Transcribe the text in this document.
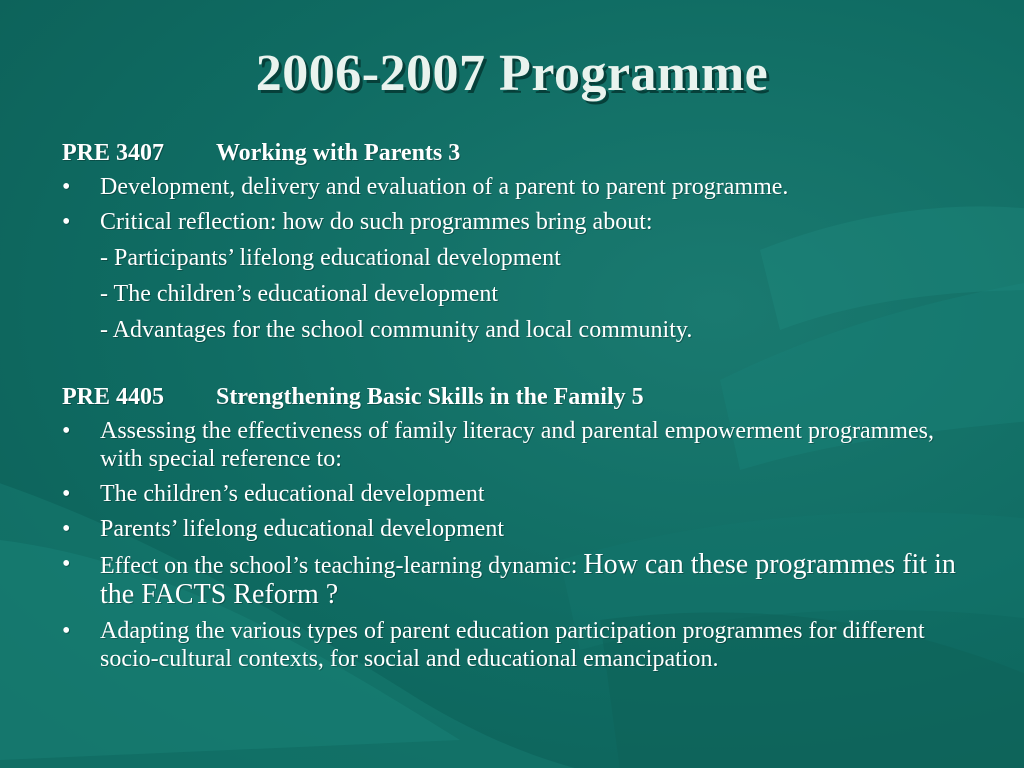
2006-2007 Programme
PRE 3407 Working with Parents 3
•	Development, delivery and evaluation of a parent to parent programme.
•	Critical reflection: how do such programmes bring about:
- Participants’ lifelong educational development
- The children’s educational development
- Advantages for the school community and local community.
PRE 4405 Strengthening Basic Skills in the Family 5
•	Assessing the effectiveness of family literacy and parental empowerment programmes, with special reference to:
•	The children’s educational development
•	Parents’ lifelong educational development
•	Effect on the school’s teaching-learning dynamic: How can these programmes fit in the FACTS Reform ?
•	Adapting the various types of parent education participation programmes for different socio-cultural contexts, for social and educational emancipation.
